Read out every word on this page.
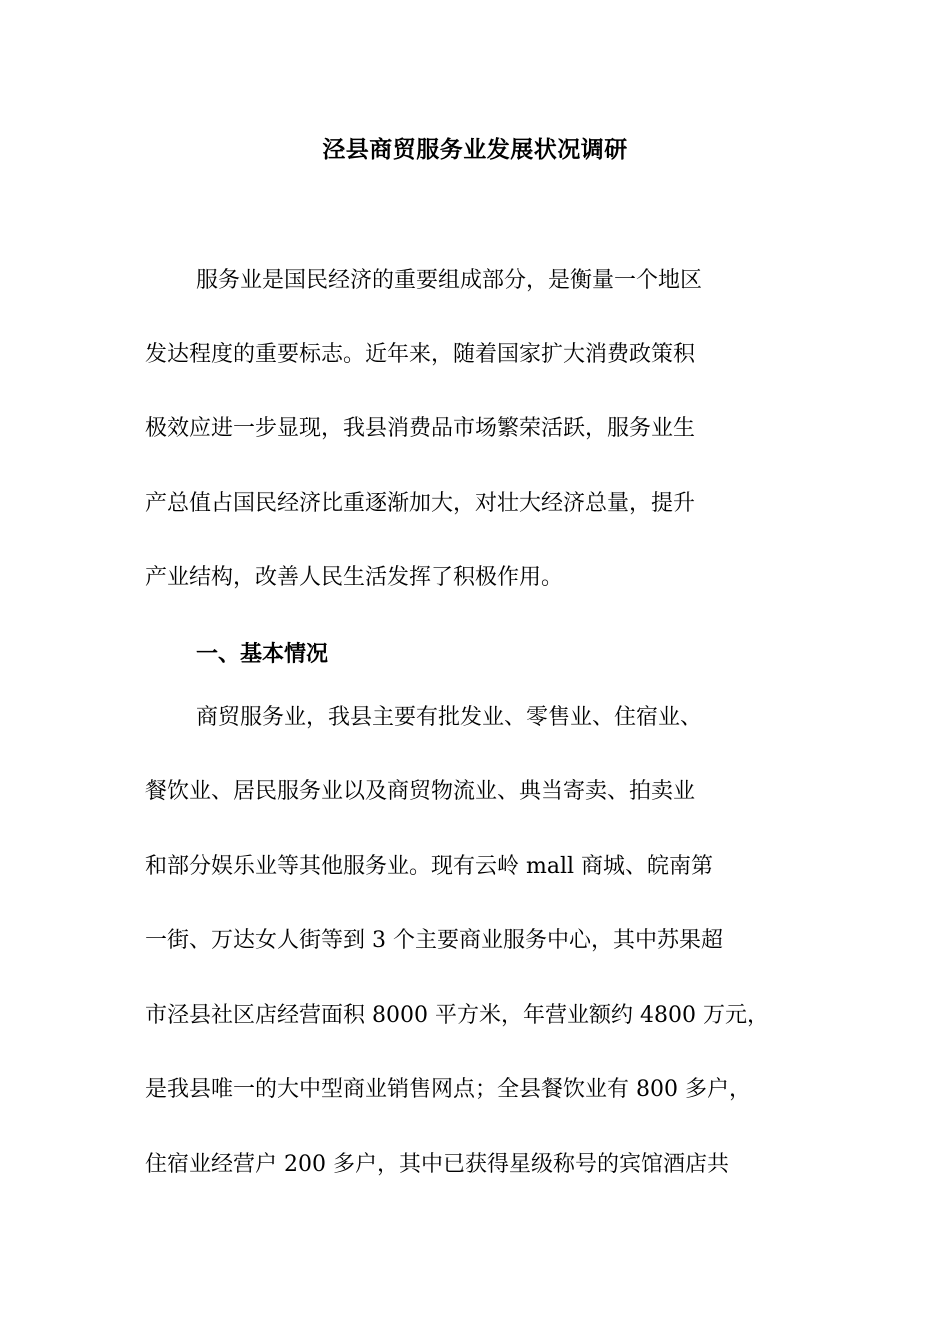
泾县商贸服务业发展状况调研

服务业是国民经济的重要组成部分，是衡量一个地区

发达程度的重要标志。近年来，随着国家扩大消费政策积

极效应进一步显现，我县消费品市场繁荣活跃，服务业生

产总值占国民经济比重逐渐加大，对壮大经济总量，提升

产业结构，改善人民生活发挥了积极作用。

一、基本情况

商贸服务业，我县主要有批发业、零售业、住宿业、

餐饮业、居民服务业以及商贸物流业、典当寄卖、拍卖业

和部分娱乐业等其他服务业。现有云岭 mall 商城、皖南第

一街、万达女人街等到 3 个主要商业服务中心，其中苏果超

市泾县社区店经营面积 8000 平方米，年营业额约 4800 万元，

是我县唯一的大中型商业销售网点；全县餐饮业有 800 多户，

住宿业经营户 200 多户，其中已获得星级称号的宾馆酒店共
